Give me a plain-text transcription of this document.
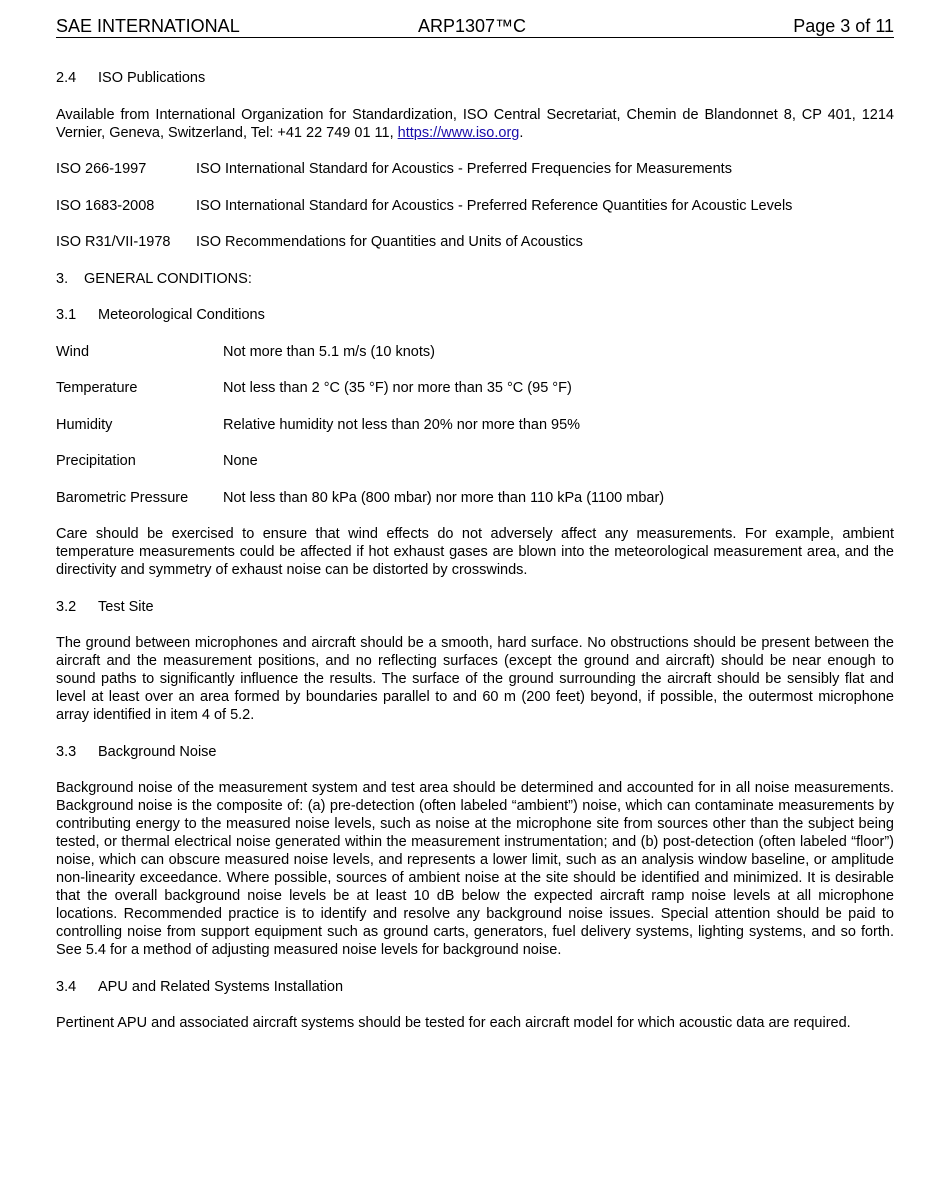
SAE INTERNATIONAL	ARP1307™C	Page 3 of 11

2.4 ISO Publications

Available from International Organization for Standardization, ISO Central Secretariat, Chemin de Blandonnet 8, CP 401, 1214 Vernier, Geneva, Switzerland, Tel: +41 22 749 01 11, https://www.iso.org.

ISO 266-1997	ISO International Standard for Acoustics - Preferred Frequencies for Measurements
ISO 1683-2008	ISO International Standard for Acoustics - Preferred Reference Quantities for Acoustic Levels
ISO R31/VII-1978	ISO Recommendations for Quantities and Units of Acoustics

3. GENERAL CONDITIONS:

3.1 Meteorological Conditions

Wind	Not more than 5.1 m/s (10 knots)
Temperature	Not less than 2 °C (35 °F) nor more than 35 °C (95 °F)
Humidity	Relative humidity not less than 20% nor more than 95%
Precipitation	None
Barometric Pressure	Not less than 80 kPa (800 mbar) nor more than 110 kPa (1100 mbar)

Care should be exercised to ensure that wind effects do not adversely affect any measurements. For example, ambient temperature measurements could be affected if hot exhaust gases are blown into the meteorological measurement area, and the directivity and symmetry of exhaust noise can be distorted by crosswinds.

3.2 Test Site

The ground between microphones and aircraft should be a smooth, hard surface. No obstructions should be present between the aircraft and the measurement positions, and no reflecting surfaces (except the ground and aircraft) should be near enough to sound paths to significantly influence the results. The surface of the ground surrounding the aircraft should be sensibly flat and level at least over an area formed by boundaries parallel to and 60 m (200 feet) beyond, if possible, the outermost microphone array identified in item 4 of 5.2.

3.3 Background Noise

Background noise of the measurement system and test area should be determined and accounted for in all noise measurements. Background noise is the composite of: (a) pre-detection (often labeled “ambient”) noise, which can contaminate measurements by contributing energy to the measured noise levels, such as noise at the microphone site from sources other than the subject being tested, or thermal electrical noise generated within the measurement instrumentation; and (b) post-detection (often labeled “floor”) noise, which can obscure measured noise levels, and represents a lower limit, such as an analysis window baseline, or amplitude non-linearity exceedance. Where possible, sources of ambient noise at the site should be identified and minimized. It is desirable that the overall background noise levels be at least 10 dB below the expected aircraft ramp noise levels at all microphone locations. Recommended practice is to identify and resolve any background noise issues. Special attention should be paid to controlling noise from support equipment such as ground carts, generators, fuel delivery systems, lighting systems, and so forth. See 5.4 for a method of adjusting measured noise levels for background noise.

3.4 APU and Related Systems Installation

Pertinent APU and associated aircraft systems should be tested for each aircraft model for which acoustic data are required.
